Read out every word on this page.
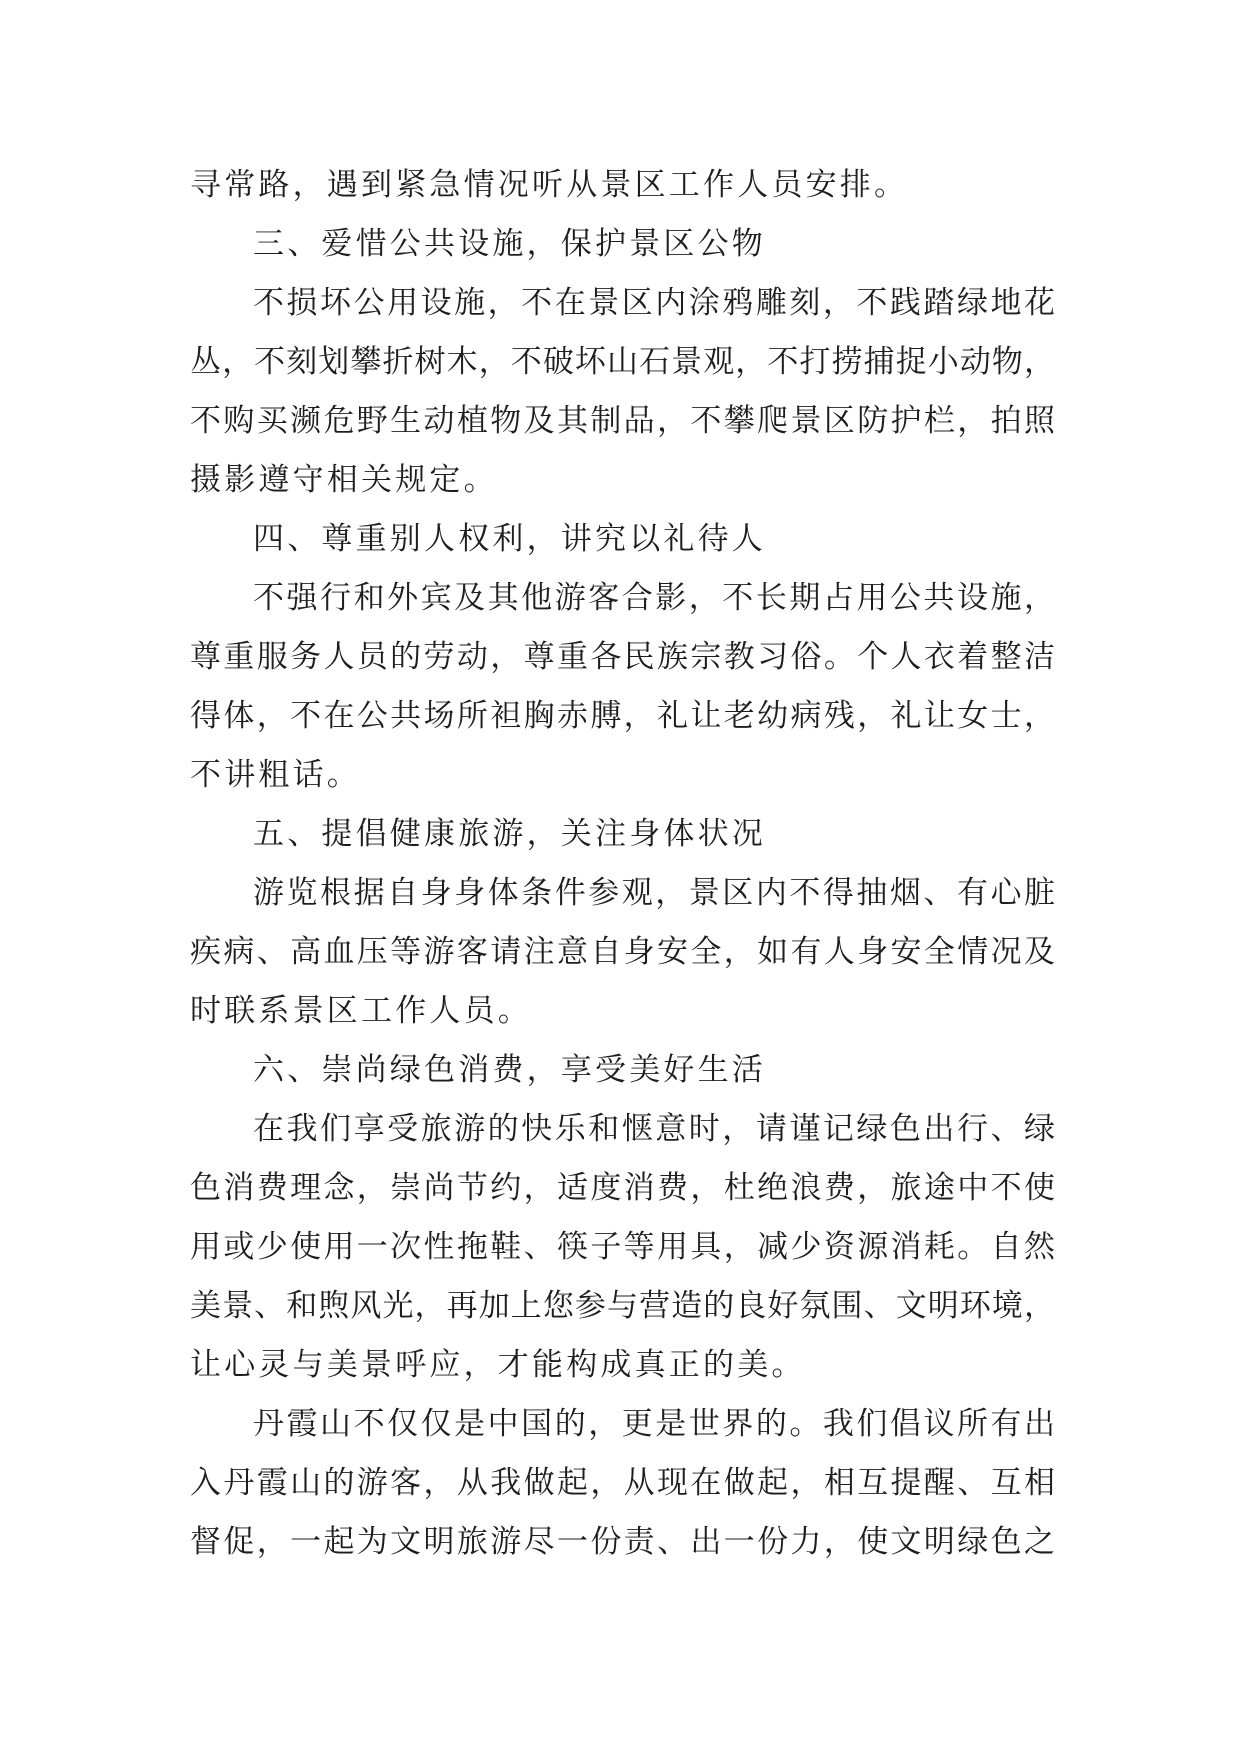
寻常路，遇到紧急情况听从景区工作人员安排。
三、爱惜公共设施，保护景区公物
不损坏公用设施，不在景区内涂鸦雕刻，不践踏绿地花
丛，不刻划攀折树木，不破坏山石景观，不打捞捕捉小动物，
不购买濒危野生动植物及其制品，不攀爬景区防护栏，拍照
摄影遵守相关规定。
四、尊重别人权利，讲究以礼待人
不强行和外宾及其他游客合影，不长期占用公共设施，
尊重服务人员的劳动，尊重各民族宗教习俗。个人衣着整洁
得体，不在公共场所袒胸赤膊，礼让老幼病残，礼让女士，
不讲粗话。
五、提倡健康旅游，关注身体状况
游览根据自身身体条件参观，景区内不得抽烟、有心脏
疾病、高血压等游客请注意自身安全，如有人身安全情况及
时联系景区工作人员。
六、崇尚绿色消费，享受美好生活
在我们享受旅游的快乐和惬意时，请谨记绿色出行、绿
色消费理念，崇尚节约，适度消费，杜绝浪费，旅途中不使
用或少使用一次性拖鞋、筷子等用具，减少资源消耗。自然
美景、和煦风光，再加上您参与营造的良好氛围、文明环境，
让心灵与美景呼应，才能构成真正的美。
丹霞山不仅仅是中国的，更是世界的。我们倡议所有出
入丹霞山的游客，从我做起，从现在做起，相互提醒、互相
督促，一起为文明旅游尽一份责、出一份力，使文明绿色之
